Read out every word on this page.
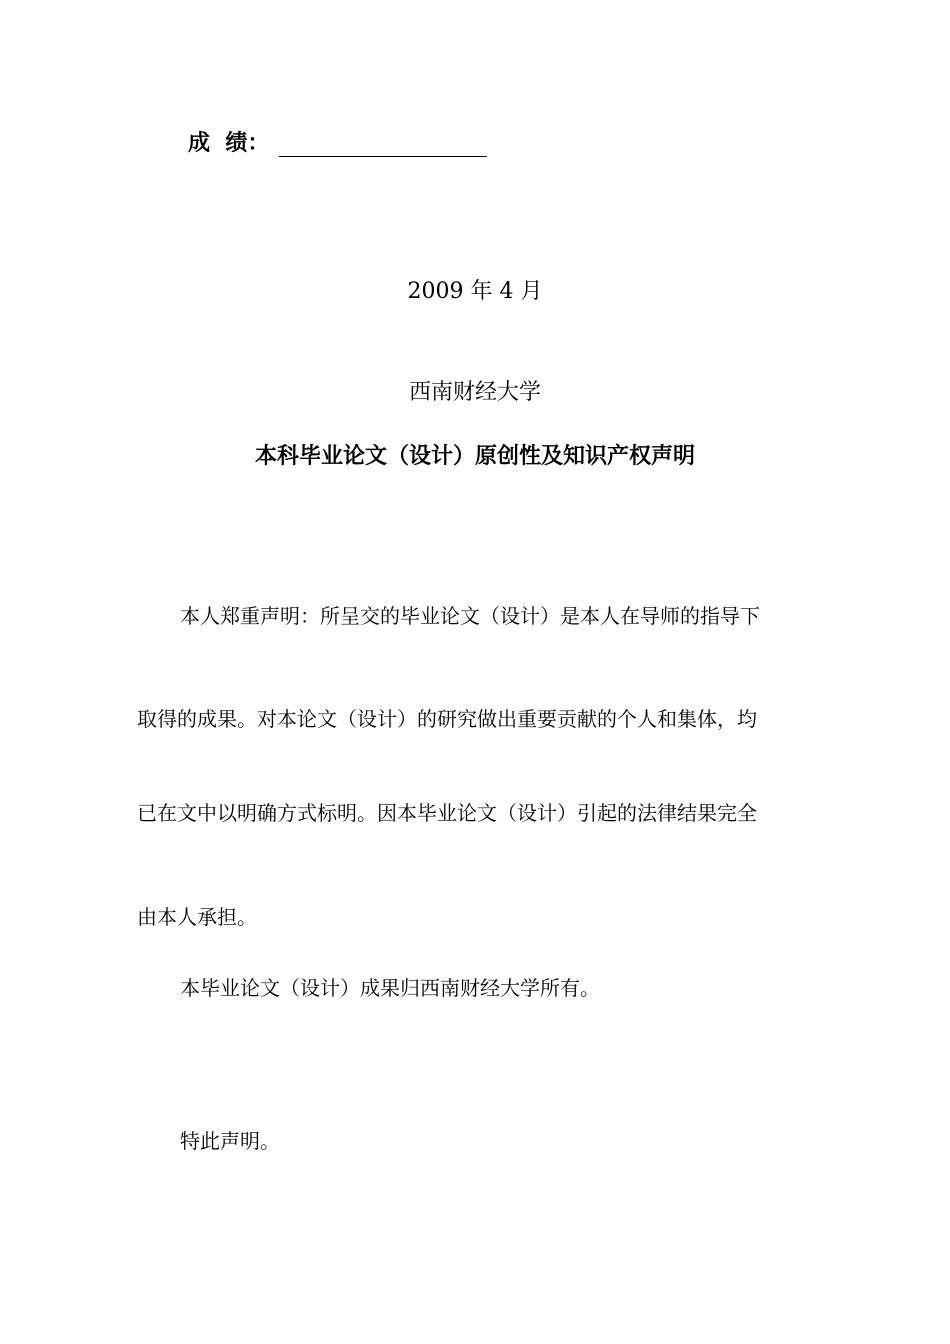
成  绩：
2009 年 4 月
西南财经大学
本科毕业论文（设计）原创性及知识产权声明
本人郑重声明：所呈交的毕业论文（设计）是本人在导师的指导下
取得的成果。对本论文（设计）的研究做出重要贡献的个人和集体，均
已在文中以明确方式标明。因本毕业论文（设计）引起的法律结果完全
由本人承担。
本毕业论文（设计）成果归西南财经大学所有。
特此声明。
